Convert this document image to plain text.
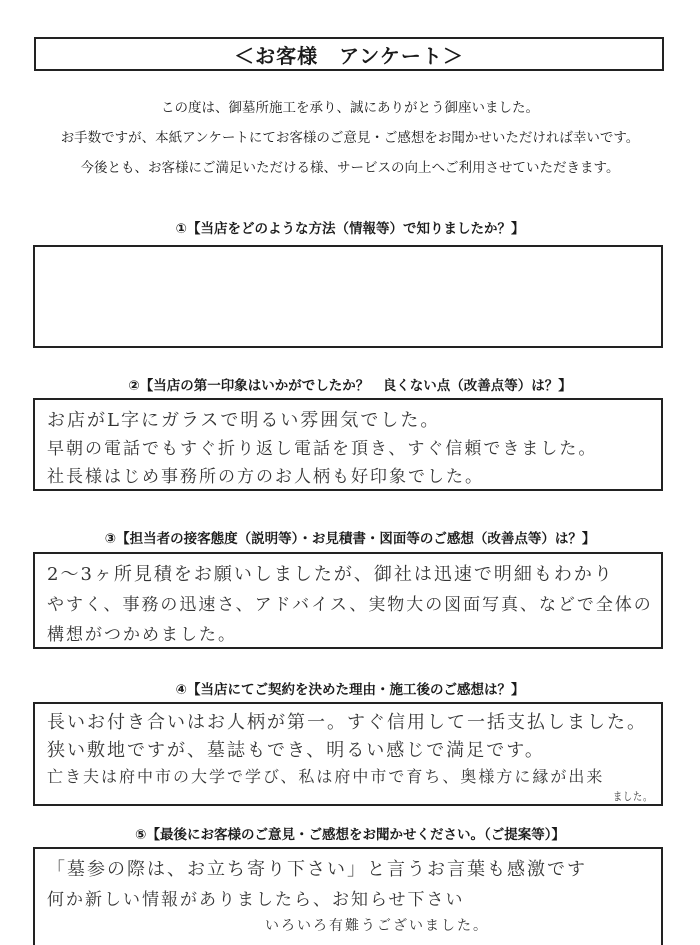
＜お客様　アンケート＞
この度は、御墓所施工を承り、誠にありがとう御座いました。
お手数ですが、本紙アンケートにてお客様のご意見・ご感想をお聞かせいただければ幸いです。
今後とも、お客様にご満足いただける様、サービスの向上へご利用させていただきます。
①【当店をどのような方法（情報等）で知りましたか？】
②【当店の第一印象はいかがでしたか？　良くない点（改善点等）は？】
お店がL字にガラスで明るい雰囲気でした。
早朝の電話でもすぐ折り返し電話を頂き、すぐ信頼できました。
社長様はじめ事務所の方のお人柄も好印象でした。
③【担当者の接客態度（説明等）・お見積書・図面等のご感想（改善点等）は？】
2〜3ヶ所見積をお願いしましたが、御社は迅速で明細もわかり
やすく、事務の迅速さ、アドバイス、実物大の図面写真、などで全体の
構想がつかめました。
④【当店にてご契約を決めた理由・施工後のご感想は？】
長いお付き合いはお人柄が第一。すぐ信用して一括支払しました。
狭い敷地ですが、墓誌もでき、明るい感じで満足です。
亡き夫は府中市の大学で学び、私は府中市で育ち、奥様方に縁が出来
ました。
⑤【最後にお客様のご意見・ご感想をお聞かせください。（ご提案等）】
「墓参の際は、お立ち寄り下さい」と言うお言葉も感激です
何か新しい情報がありましたら、お知らせ下さい
いろいろ有難うございました。
